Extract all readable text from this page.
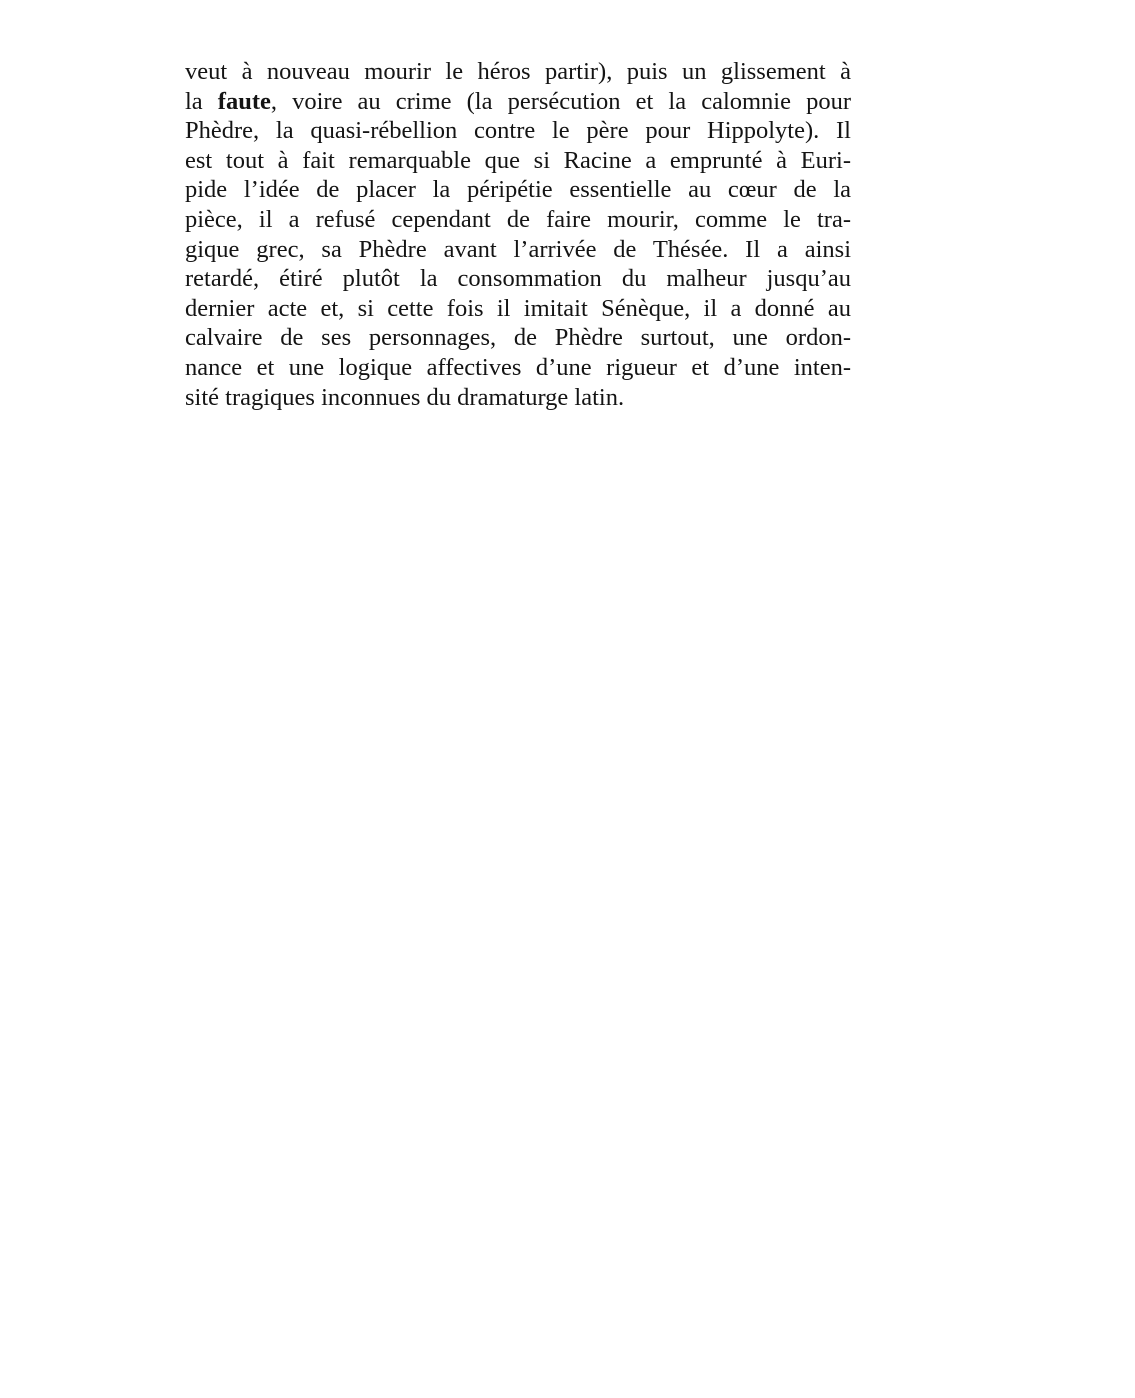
veut à nouveau mourir le héros partir), puis un glissement à
la faute, voire au crime (la persécution et la calomnie pour
Phèdre, la quasi-rébellion contre le père pour Hippolyte). Il
est tout à fait remarquable que si Racine a emprunté à Euri-
pide l’idée de placer la péripétie essentielle au cœur de la
pièce, il a refusé cependant de faire mourir, comme le tra-
gique grec, sa Phèdre avant l’arrivée de Thésée. Il a ainsi
retardé, étiré plutôt la consommation du malheur jusqu’au
dernier acte et, si cette fois il imitait Sénèque, il a donné au
calvaire de ses personnages, de Phèdre surtout, une ordon-
nance et une logique affectives d’une rigueur et d’une inten-
sité tragiques inconnues du dramaturge latin.
